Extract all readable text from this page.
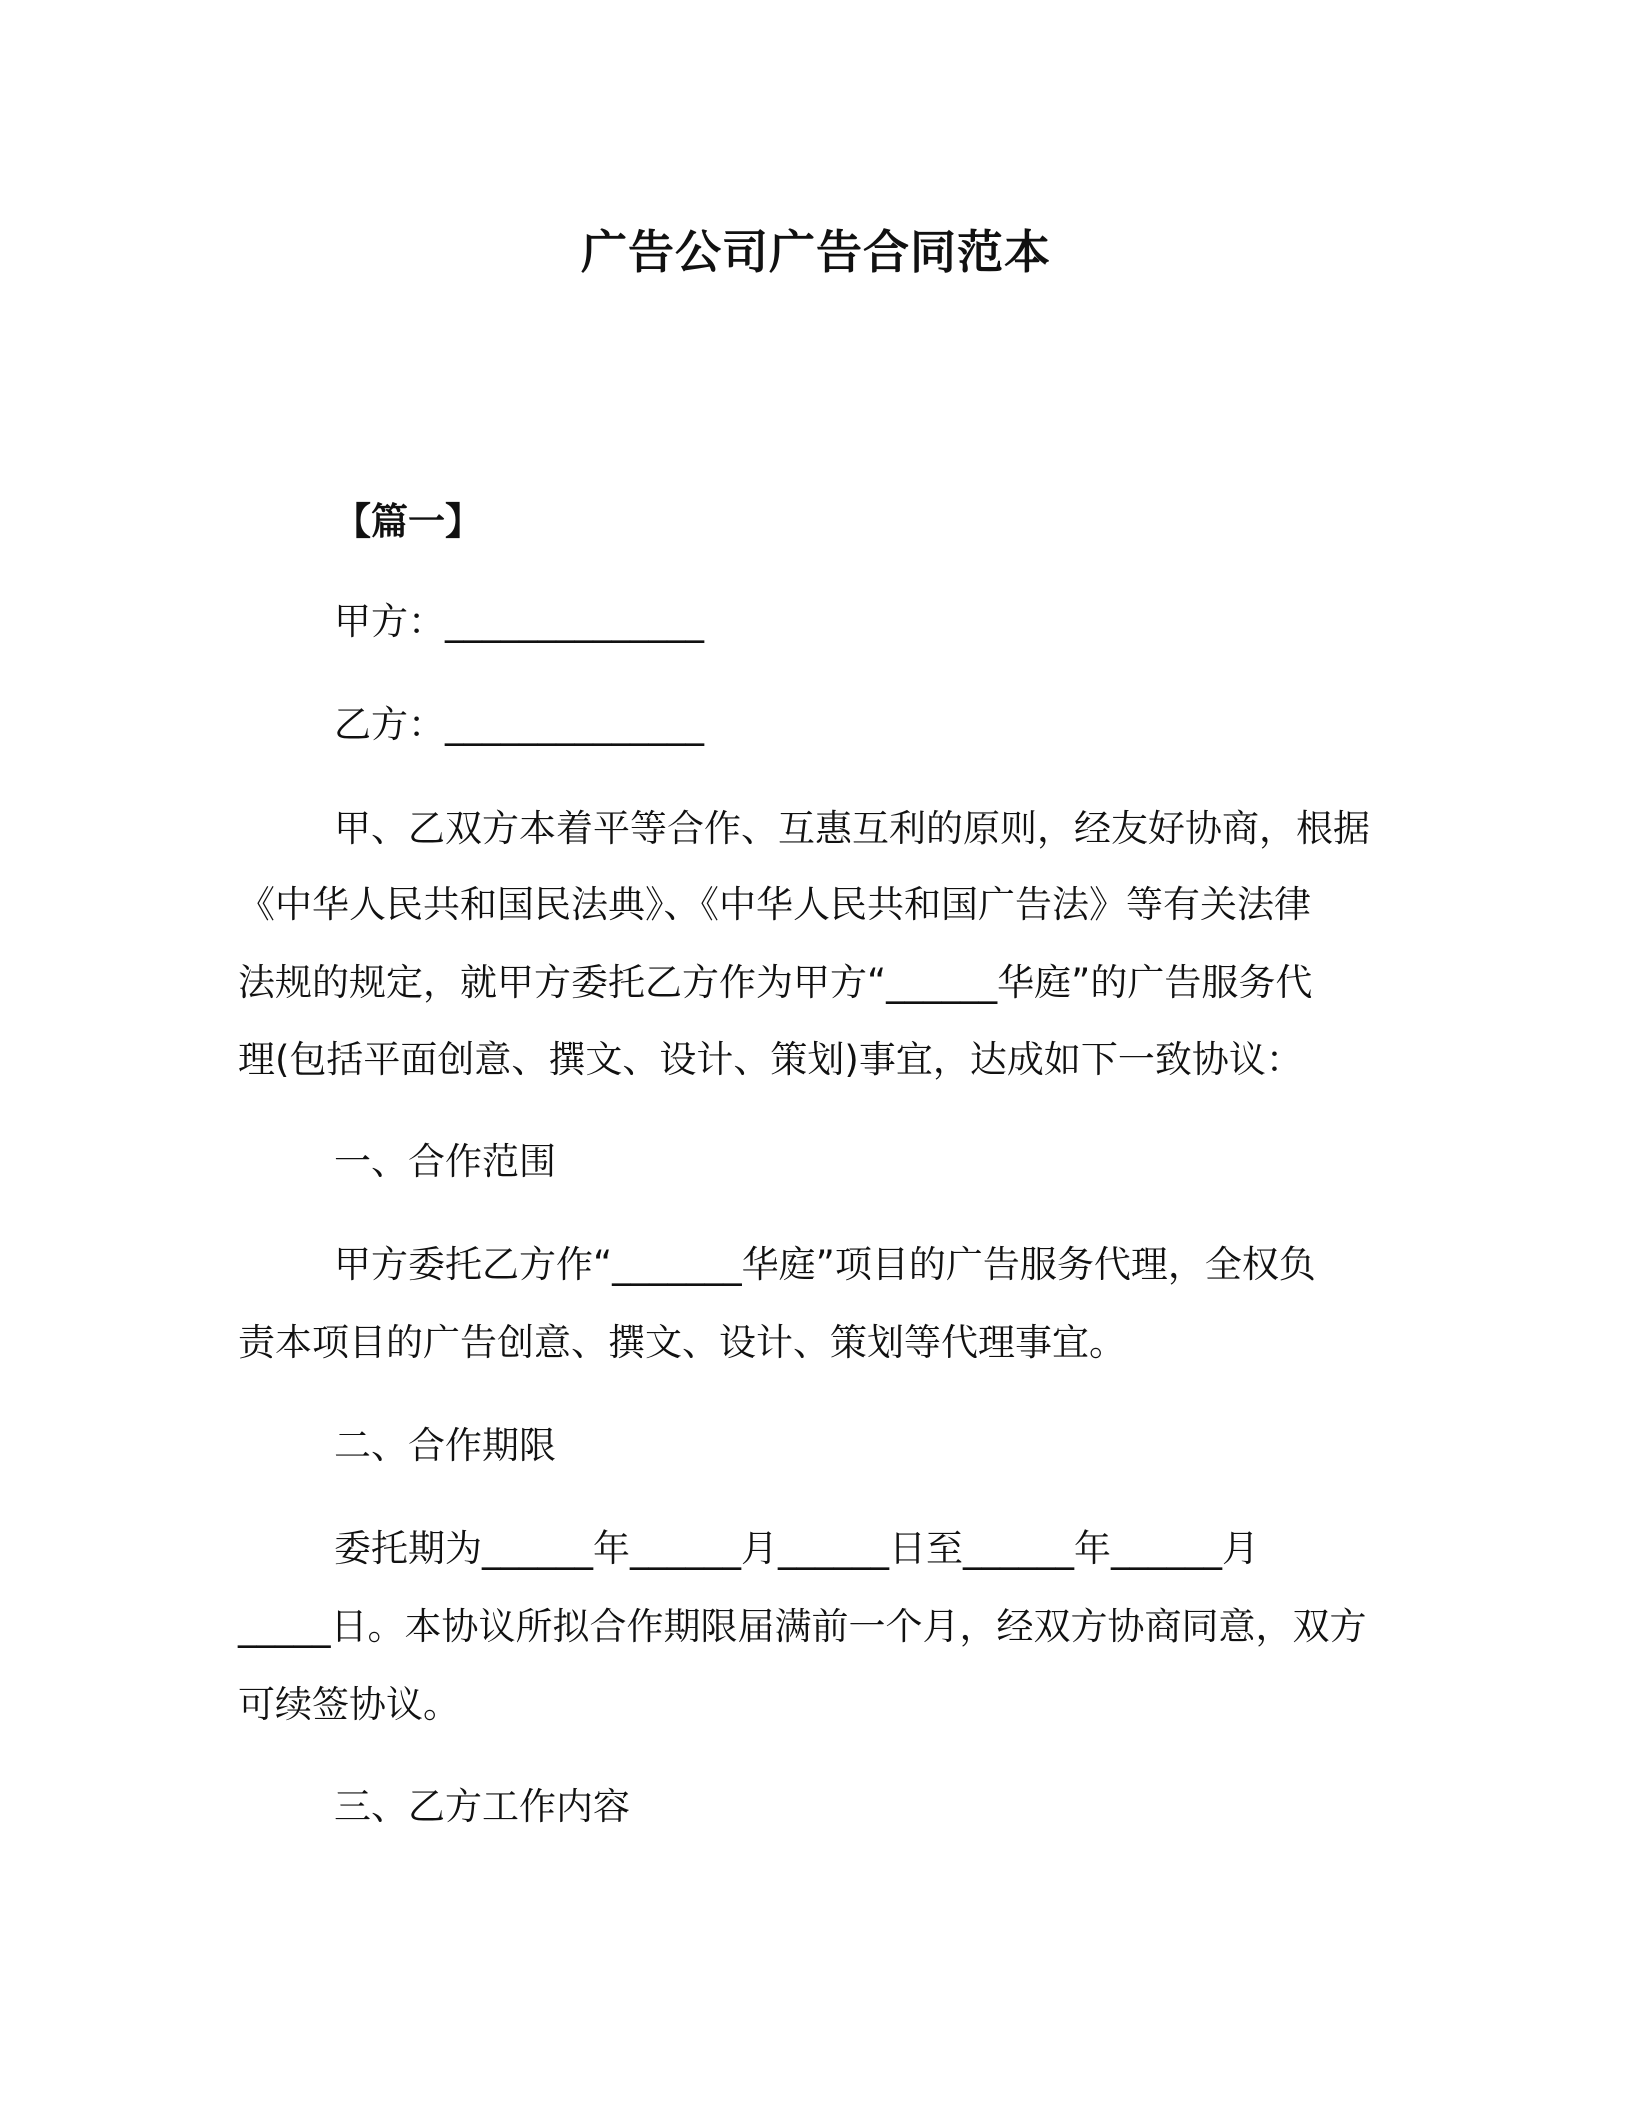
广告公司广告合同范本
【篇一】
甲方：______________
乙方：______________
甲、乙双方本着平等合作、互惠互利的原则，经友好协商，根据
《中华人民共和国民法典》、《中华人民共和国广告法》等有关法律
法规的规定，就甲方委托乙方作为甲方“______华庭”的广告服务代
理(包括平面创意、撰文、设计、策划)事宜，达成如下一致协议：
一、合作范围
甲方委托乙方作“_______华庭”项目的广告服务代理，全权负
责本项目的广告创意、撰文、设计、策划等代理事宜。
二、合作期限
委托期为______年______月______日至______年______月
_____日。本协议所拟合作期限届满前一个月，经双方协商同意，双方
可续签协议。
三、乙方工作内容
